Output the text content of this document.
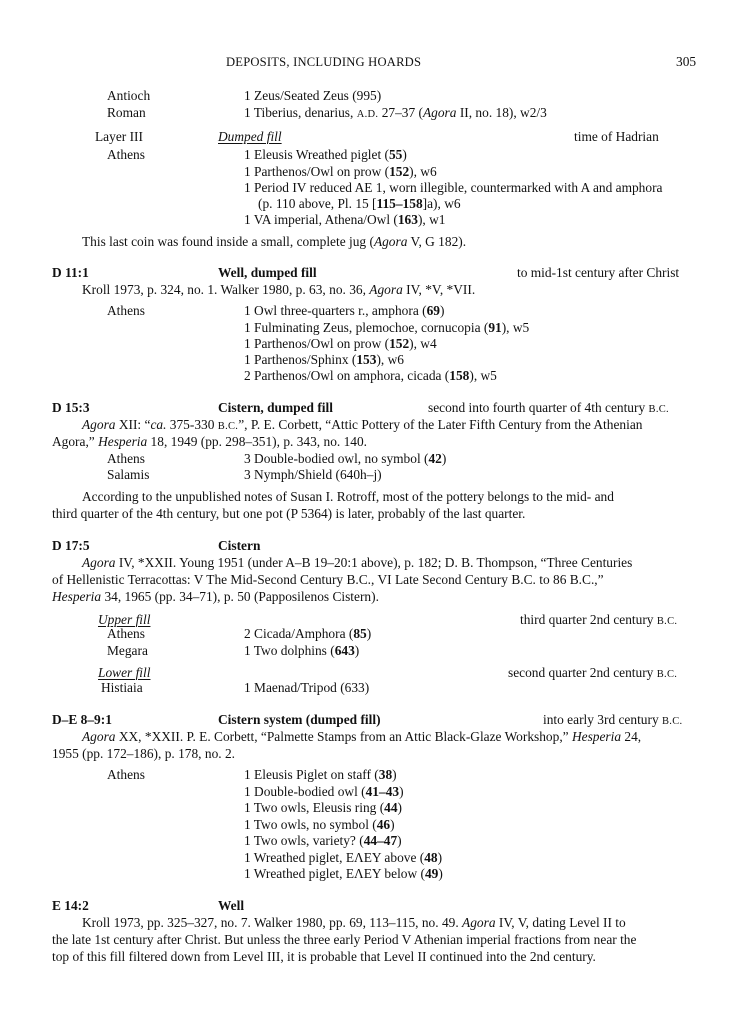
DEPOSITS, INCLUDING HOARDS	305
Antioch	1 Zeus/Seated Zeus (995)
Roman	1 Tiberius, denarius, A.D. 27–37 (Agora II, no. 18), w2/3
Layer III	Dumped fill	time of Hadrian
Athens	1 Eleusis Wreathed piglet (55)
1 Parthenos/Owl on prow (152), w6
1 Period IV reduced AE 1, worn illegible, countermarked with A and amphora
(p. 110 above, Pl. 15 [115–158]a), w6
1 VA imperial, Athena/Owl (163), w1
This last coin was found inside a small, complete jug (Agora V, G 182).
D 11:1	Well, dumped fill	to mid-1st century after Christ
Kroll 1973, p. 324, no. 1. Walker 1980, p. 63, no. 36, Agora IV, *V, *VII.
Athens	1 Owl three-quarters r., amphora (69)
1 Fulminating Zeus, plemochoe, cornucopia (91), w5
1 Parthenos/Owl on prow (152), w4
1 Parthenos/Sphinx (153), w6
2 Parthenos/Owl on amphora, cicada (158), w5
D 15:3	Cistern, dumped fill	second into fourth quarter of 4th century B.C.
Agora XII: “ca. 375-330 B.C.”, P. E. Corbett, “Attic Pottery of the Later Fifth Century from the Athenian
Agora,” Hesperia 18, 1949 (pp. 298–351), p. 343, no. 140.
Athens	3 Double-bodied owl, no symbol (42)
Salamis	3 Nymph/Shield (640h–j)
According to the unpublished notes of Susan I. Rotroff, most of the pottery belongs to the mid- and
third quarter of the 4th century, but one pot (P 5364) is later, probably of the last quarter.
D 17:5	Cistern
Agora IV, *XXII. Young 1951 (under A–B 19–20:1 above), p. 182; D. B. Thompson, “Three Centuries
of Hellenistic Terracottas: V The Mid-Second Century B.C., VI Late Second Century B.C. to 86 B.C.,”
Hesperia 34, 1965 (pp. 34–71), p. 50 (Papposilenos Cistern).
Upper fill	third quarter 2nd century B.C.
Athens	2 Cicada/Amphora (85)
Megara	1 Two dolphins (643)
Lower fill	second quarter 2nd century B.C.
Histiaia	1 Maenad/Tripod (633)
D–E 8–9:1	Cistern system (dumped fill)	into early 3rd century B.C.
Agora XX, *XXII. P. E. Corbett, “Palmette Stamps from an Attic Black-Glaze Workshop,” Hesperia 24,
1955 (pp. 172–186), p. 178, no. 2.
Athens	1 Eleusis Piglet on staff (38)
1 Double-bodied owl (41–43)
1 Two owls, Eleusis ring (44)
1 Two owls, no symbol (46)
1 Two owls, variety? (44–47)
1 Wreathed piglet, ΕΛΕΥ above (48)
1 Wreathed piglet, ΕΛΕΥ below (49)
E 14:2	Well
Kroll 1973, pp. 325–327, no. 7. Walker 1980, pp. 69, 113–115, no. 49. Agora IV, V, dating Level II to
the late 1st century after Christ. But unless the three early Period V Athenian imperial fractions from near the
top of this fill filtered down from Level III, it is probable that Level II continued into the 2nd century.
